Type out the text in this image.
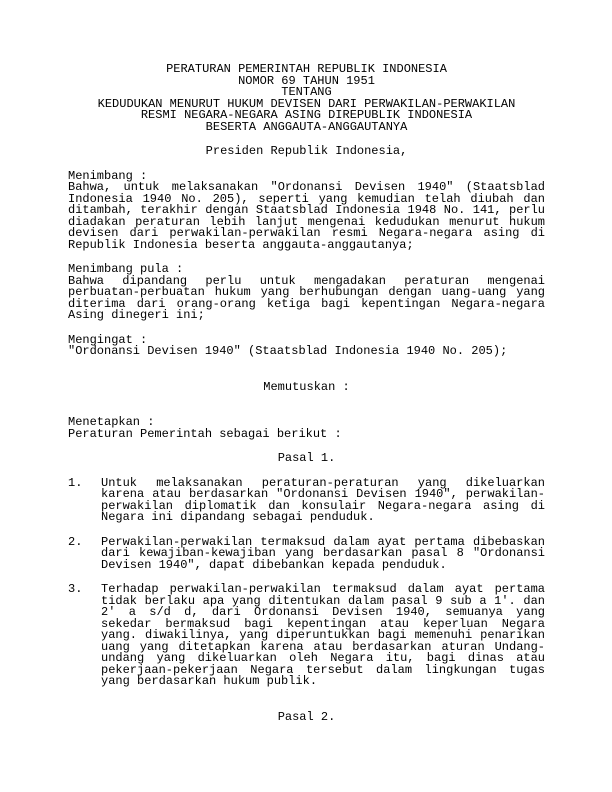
PERATURAN PEMERINTAH REPUBLIK INDONESIA
NOMOR 69 TAHUN 1951
TENTANG
KEDUDUKAN MENURUT HUKUM DEVISEN DARI PERWAKILAN-PERWAKILAN
RESMI NEGARA-NEGARA ASING DIREPUBLIK INDONESIA
BESERTA ANGGAUTA-ANGGAUTANYA
Presiden Republik Indonesia,
Menimbang :

Bahwa, untuk melaksanakan "Ordonansi Devisen 1940" (Staatsblad Indonesia 1940 No. 205), seperti yang kemudian telah diubah dan ditambah, terakhir dengan Staatsblad Indonesia 1948 No. 141, perlu diadakan peraturan lebih lanjut mengenai kedudukan menurut hukum devisen dari perwakilan-perwakilan resmi Negara-negara asing di Republik Indonesia beserta anggauta-anggautanya;

Menimbang pula :

Bahwa dipandang perlu untuk mengadakan peraturan mengenai perbuatan-perbuatan hukum yang berhubungan dengan uang-uang yang diterima dari orang-orang ketiga bagi kepentingan Negara-negara Asing dinegeri ini;

Mengingat :

"Ordonansi Devisen 1940" (Staatsblad Indonesia 1940 No. 205);

Memutuskan :
Menetapkan :

Peraturan Pemerintah sebagai berikut :

Pasal 1.
1. Untuk melaksanakan peraturan-peraturan yang dikeluarkan karena atau berdasarkan "Ordonansi Devisen 1940", perwakilan-perwakilan diplomatik dan konsulair Negara-negara asing di Negara ini dipandang sebagai penduduk.

2. Perwakilan-perwakilan termaksud dalam ayat pertama dibebaskan dari kewajiban-kewajiban yang berdasarkan pasal 8 "Ordonansi Devisen 1940", dapat dibebankan kepada penduduk.

3. Terhadap perwakilan-perwakilan termaksud dalam ayat pertama tidak berlaku apa yang ditentukan dalam pasal 9 sub a 1'. dan 2' a s/d d, dari Ordonansi Devisen 1940, semuanya yang sekedar bermaksud bagi kepentingan atau keperluan Negara yang. diwakilinya, yang diperuntukkan bagi memenuhi penarikan uang yang ditetapkan karena atau berdasarkan aturan Undang-undang yang dikeluarkan oleh Negara itu, bagi dinas atau pekerjaan-pekerjaan Negara tersebut dalam lingkungan tugas yang berdasarkan hukum publik.

Pasal 2.
